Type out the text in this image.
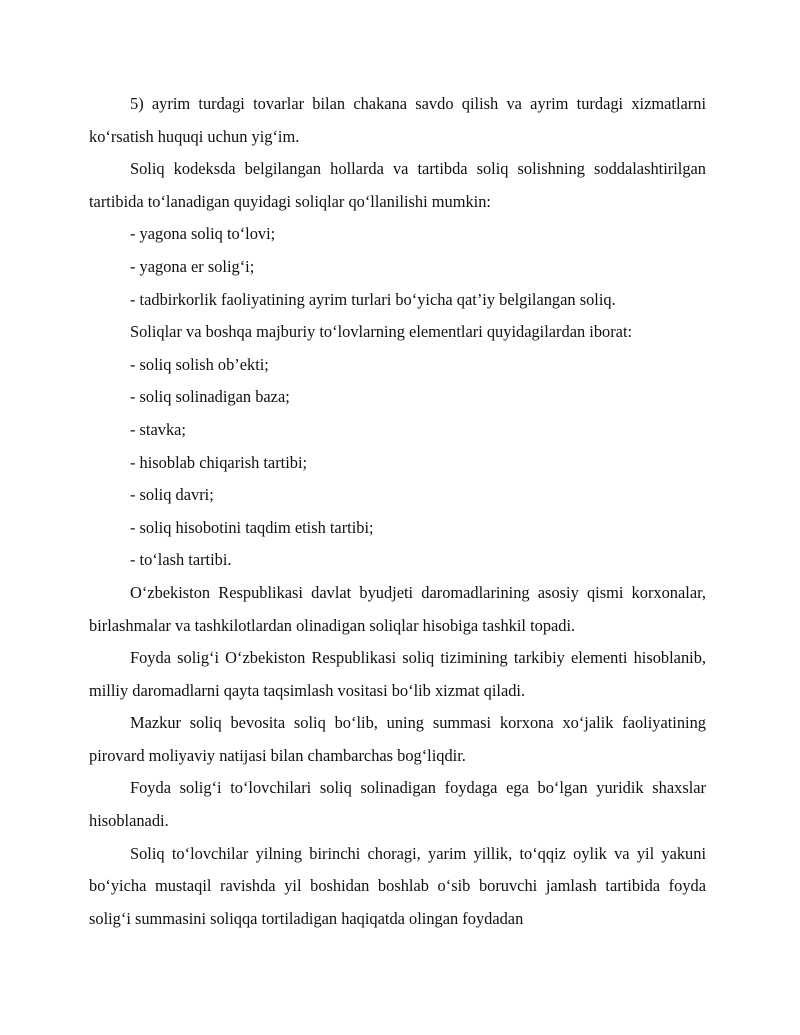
5) ayrim turdagi tovarlar bilan chakana savdo qilish va ayrim turdagi xizmatlarni ko‘rsatish huquqi uchun yig‘im.

Soliq kodeksda belgilangan hollarda va tartibda soliq solishning soddalashtirilgan tartibida to‘lanadigan quyidagi soliqlar qo‘llanilishi mumkin:

- yagona soliq to‘lovi;

- yagona er solig‘i;

- tadbirkorlik faoliyatining ayrim turlari bo‘yicha qat’iy belgilangan soliq.

Soliqlar va boshqa majburiy to‘lovlarning elementlari quyidagilardan iborat:

- soliq solish ob’ekti;

- soliq solinadigan baza;

- stavka;

- hisoblab chiqarish tartibi;

- soliq davri;

- soliq hisobotini taqdim etish tartibi;

- to‘lash tartibi.

O‘zbekiston Respublikasi davlat byudjeti daromadlarining asosiy qismi korxonalar, birlashmalar va tashkilotlardan olinadigan soliqlar hisobiga tashkil topadi.

Foyda solig‘i O‘zbekiston Respublikasi soliq tizimining tarkibiy elementi hisoblanib, milliy daromadlarni qayta taqsimlash vositasi bo‘lib xizmat qiladi.

Mazkur soliq bevosita soliq bo‘lib, uning summasi korxona xo‘jalik faoliyatining pirovard moliyaviy natijasi bilan chambarchas bog‘liqdir.

Foyda solig‘i to‘lovchilari soliq solinadigan foydaga ega bo‘lgan yuridik shaxslar hisoblanadi.

Soliq to‘lovchilar yilning birinchi choragi, yarim yillik, to‘qqiz oylik va yil yakuni bo‘yicha mustaqil ravishda yil boshidan boshlab o‘sib boruvchi jamlash tartibida foyda solig‘i summasini soliqqa tortiladigan haqiqatda olingan foydadan
